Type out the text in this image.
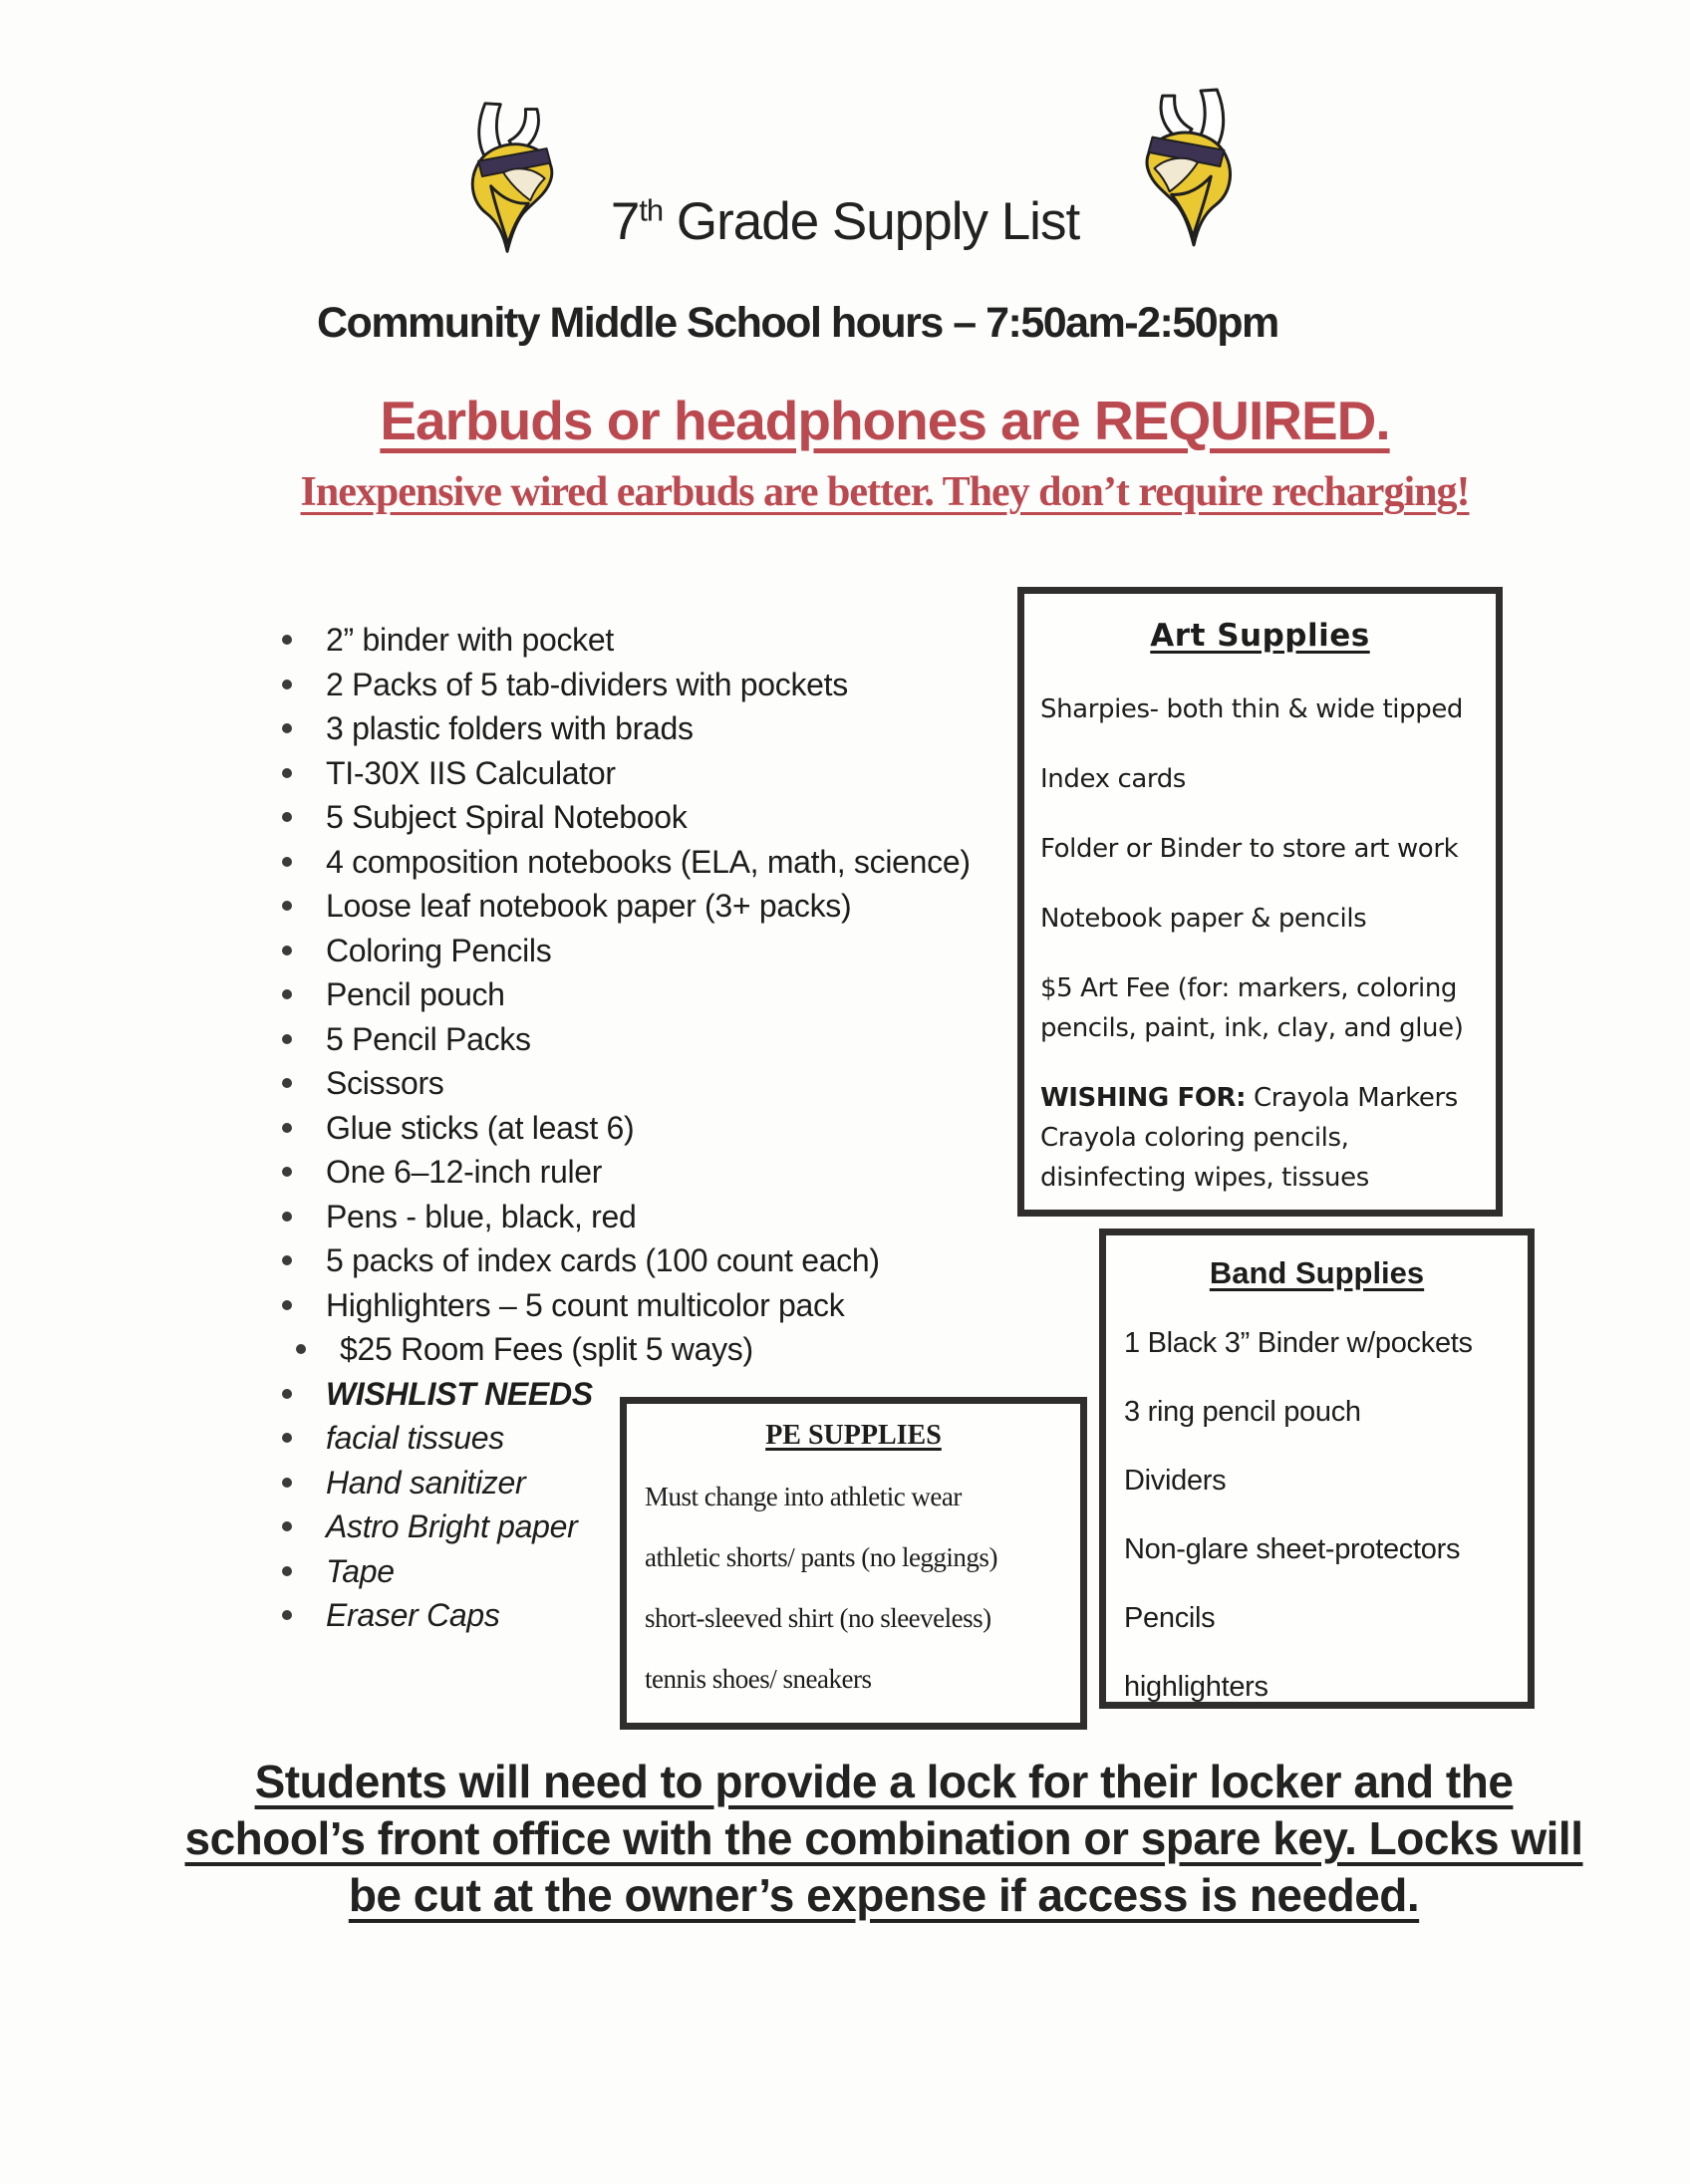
7th Grade Supply List
Community Middle School hours – 7:50am-2:50pm
Earbuds or headphones are REQUIRED.
Inexpensive wired earbuds are better. They don’t require recharging!
2” binder with pocket
2 Packs of 5 tab-dividers with pockets
3 plastic folders with brads
TI-30X IIS Calculator
5 Subject Spiral Notebook
4 composition notebooks (ELA, math, science)
Loose leaf notebook paper (3+ packs)
Coloring Pencils
Pencil pouch
5 Pencil Packs
Scissors
Glue sticks (at least 6)
One 6–12-inch ruler
Pens - blue, black, red
5 packs of index cards (100 count each)
Highlighters – 5 count multicolor pack
$25 Room Fees (split 5 ways)
WISHLIST NEEDS
facial tissues
Hand sanitizer
Astro Bright paper
Tape
Eraser Caps
Art Supplies

Sharpies- both thin & wide tipped

Index cards

Folder or Binder to store art work

Notebook paper & pencils

$5 Art Fee (for: markers, coloring pencils, paint, ink, clay, and glue)

WISHING FOR: Crayola Markers Crayola coloring pencils, disinfecting wipes, tissues

Band Supplies

1 Black 3” Binder w/pockets

3 ring pencil pouch

Dividers

Non-glare sheet-protectors

Pencils

highlighters

PE SUPPLIES

Must change into athletic wear

athletic shorts/ pants (no leggings)

short-sleeved shirt (no sleeveless)

tennis shoes/ sneakers

Students will need to provide a lock for their locker and the
school’s front office with the combination or spare key. Locks will
be cut at the owner’s expense if access is needed.
